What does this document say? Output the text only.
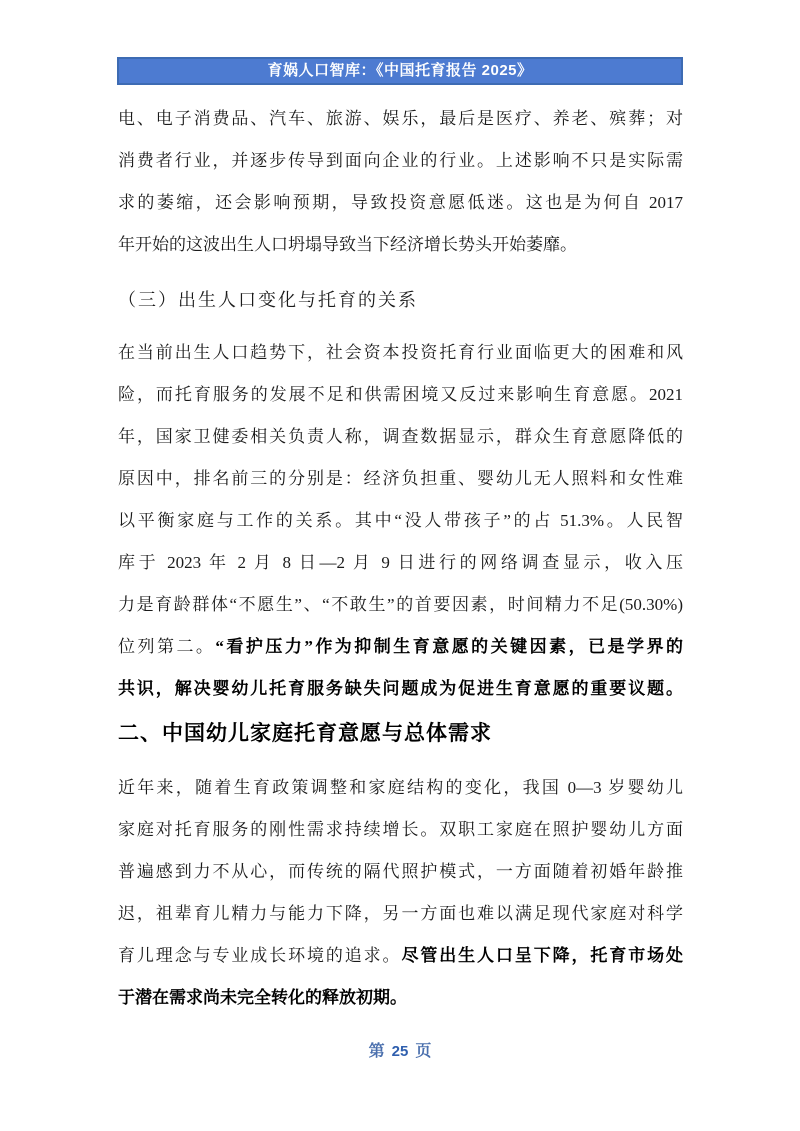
育娲人口智库：《中国托育报告 2025》
电、电子消费品、汽车、旅游、娱乐，最后是医疗、养老、殡葬；对
消费者行业，并逐步传导到面向企业的行业。上述影响不只是实际需
求的萎缩，还会影响预期，导致投资意愿低迷。这也是为何自 2017
年开始的这波出生人口坍塌导致当下经济增长势头开始萎靡。
（三）出生人口变化与托育的关系
在当前出生人口趋势下，社会资本投资托育行业面临更大的困难和风
险，而托育服务的发展不足和供需困境又反过来影响生育意愿。2021
年，国家卫健委相关负责人称，调查数据显示，群众生育意愿降低的
原因中，排名前三的分别是：经济负担重、婴幼儿无人照料和女性难
以平衡家庭与工作的关系。其中“没人带孩子”的占 51.3%。人民智
库于 2023 年 2 月 8 日—2 月 9 日进行的网络调查显示，收入压
力是育龄群体“不愿生”、“不敢生”的首要因素，时间精力不足(50.30%)
位列第二。“看护压力”作为抑制生育意愿的关键因素，已是学界的
共识，解决婴幼儿托育服务缺失问题成为促进生育意愿的重要议题。
二、中国幼儿家庭托育意愿与总体需求
近年来，随着生育政策调整和家庭结构的变化，我国 0—3 岁婴幼儿
家庭对托育服务的刚性需求持续增长。双职工家庭在照护婴幼儿方面
普遍感到力不从心，而传统的隔代照护模式，一方面随着初婚年龄推
迟，祖辈育儿精力与能力下降，另一方面也难以满足现代家庭对科学
育儿理念与专业成长环境的追求。尽管出生人口呈下降，托育市场处
于潜在需求尚未完全转化的释放初期。
第 25 页
